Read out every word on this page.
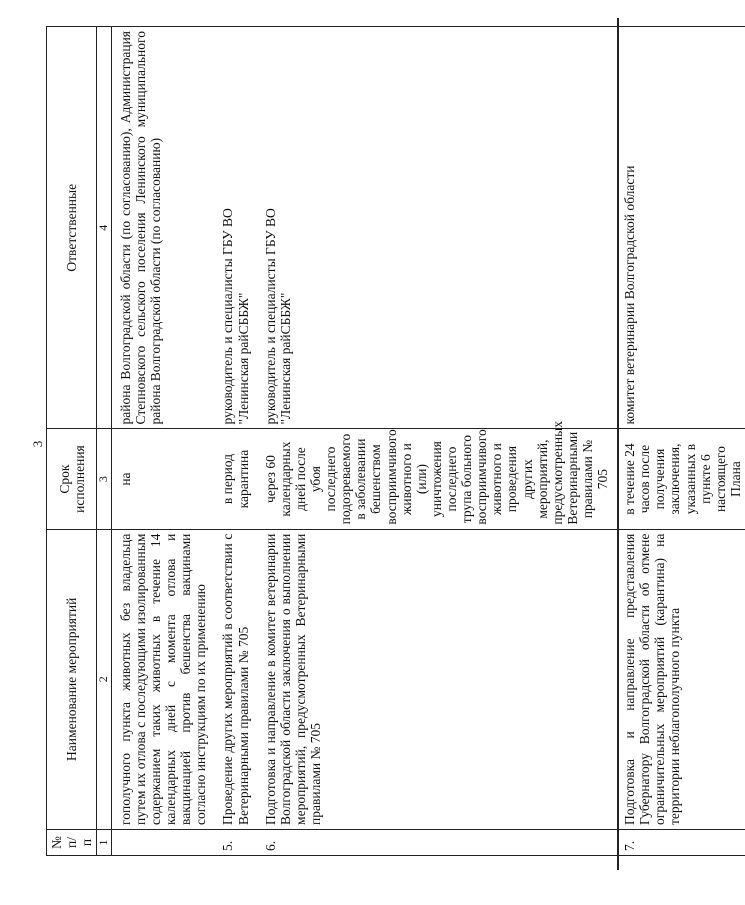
3
№ п/п	Наименование мероприятий	Срок исполнения	Ответственные
1	2	3	4
	гополучного пункта животных без владельца путем их отлова с последующими изолированным содержанием таких животных в течение 14 календарных дней с момента отлова и вакцинацией против бешенства вакцинами согласно инструкциям по их применению	на	района Волгоградской области (по согласованию), Администрация Степновского сельского поселения Ленинского муниципального района Волгоградской области (по согласованию)
5.	Проведение других мероприятий в соответствии с Ветеринарными правилами № 705	в период карантина	руководитель и специалисты ГБУ ВО "Ленинская райСББЖ"

6.	Подготовка и направление в комитет ветеринарии Волгоградской области заключения о выполнении мероприятий, предусмотренных Ветеринарными правилами № 705	через 60 календарных дней после убоя последнего подозреваемого в заболевании бешенством восприимчивого животного и (или) уничтожения последнего трупа больного восприимчивого животного и проведения других мероприятий, предусмотренных Ветеринарными правилами № 705	руководитель и специалисты ГБУ ВО "Ленинская райСББЖ"

7.	Подготовка и направление представления Губернатору Волгоградской области об отмене ограничительных мероприятий (карантина) на территории неблагополучного пункта	в течение 24 часов после получения заключения, указанных в пункте 6 настоящего Плана	комитет ветеринарии Волгоградской области
